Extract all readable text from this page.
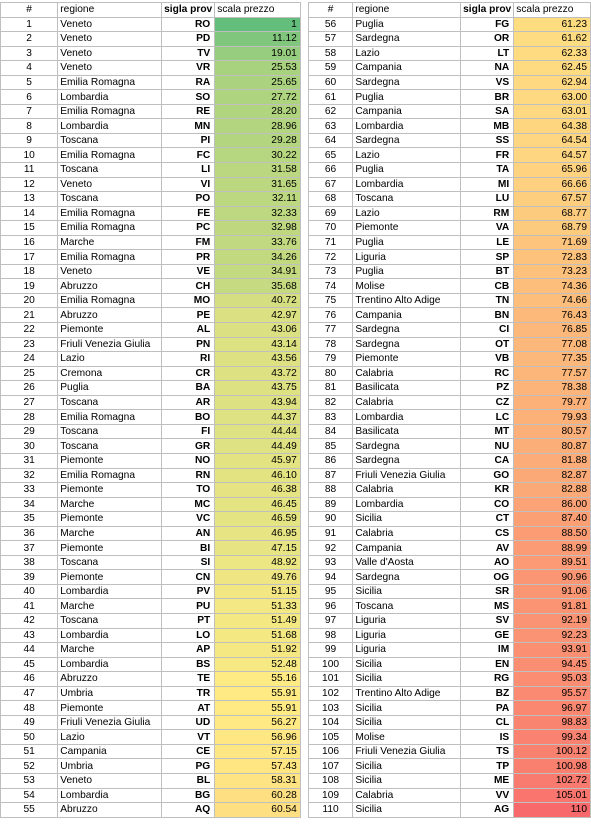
#	regione	sigla prov	scala prezzo		#	regione	sigla prov	scala prezzo
1	Veneto	RO	1		56	Puglia	FG	61.23
2	Veneto	PD	11.12		57	Sardegna	OR	61.62
3	Veneto	TV	19.01		58	Lazio	LT	62.33
4	Veneto	VR	25.53		59	Campania	NA	62.45
5	Emilia Romagna	RA	25.65		60	Sardegna	VS	62.94
6	Lombardia	SO	27.72		61	Puglia	BR	63.00
7	Emilia Romagna	RE	28.20		62	Campania	SA	63.01
8	Lombardia	MN	28.96		63	Lombardia	MB	64.38
9	Toscana	PI	29.28		64	Sardegna	SS	64.54
10	Emilia Romagna	FC	30.22		65	Lazio	FR	64.57
11	Toscana	LI	31.58		66	Puglia	TA	65.96
12	Veneto	VI	31.65		67	Lombardia	MI	66.66
13	Toscana	PO	32.11		68	Toscana	LU	67.57
14	Emilia Romagna	FE	32.33		69	Lazio	RM	68.77
15	Emilia Romagna	PC	32.98		70	Piemonte	VA	68.79
16	Marche	FM	33.76		71	Puglia	LE	71.69
17	Emilia Romagna	PR	34.26		72	Liguria	SP	72.83
18	Veneto	VE	34.91		73	Puglia	BT	73.23
19	Abruzzo	CH	35.68		74	Molise	CB	74.36
20	Emilia Romagna	MO	40.72		75	Trentino Alto Adige	TN	74.66
21	Abruzzo	PE	42.97		76	Campania	BN	76.43
22	Piemonte	AL	43.06		77	Sardegna	CI	76.85
23	Friuli Venezia Giulia	PN	43.14		78	Sardegna	OT	77.08
24	Lazio	RI	43.56		79	Piemonte	VB	77.35
25	Cremona	CR	43.72		80	Calabria	RC	77.57
26	Puglia	BA	43.75		81	Basilicata	PZ	78.38
27	Toscana	AR	43.94		82	Calabria	CZ	79.77
28	Emilia Romagna	BO	44.37		83	Lombardia	LC	79.93
29	Toscana	FI	44.44		84	Basilicata	MT	80.57
30	Toscana	GR	44.49		85	Sardegna	NU	80.87
31	Piemonte	NO	45.97		86	Sardegna	CA	81.88
32	Emilia Romagna	RN	46.10		87	Friuli Venezia Giulia	GO	82.87
33	Piemonte	TO	46.38		88	Calabria	KR	82.88
34	Marche	MC	46.45		89	Lombardia	CO	86.00
35	Piemonte	VC	46.59		90	Sicilia	CT	87.40
36	Marche	AN	46.95		91	Calabria	CS	88.50
37	Piemonte	BI	47.15		92	Campania	AV	88.99
38	Toscana	SI	48.92		93	Valle d'Aosta	AO	89.51
39	Piemonte	CN	49.76		94	Sardegna	OG	90.96
40	Lombardia	PV	51.15		95	Sicilia	SR	91.06
41	Marche	PU	51.33		96	Toscana	MS	91.81
42	Toscana	PT	51.49		97	Liguria	SV	92.19
43	Lombardia	LO	51.68		98	Liguria	GE	92.23
44	Marche	AP	51.92		99	Liguria	IM	93.91
45	Lombardia	BS	52.48		100	Sicilia	EN	94.45
46	Abruzzo	TE	55.16		101	Sicilia	RG	95.03
47	Umbria	TR	55.91		102	Trentino Alto Adige	BZ	95.57
48	Piemonte	AT	55.91		103	Sicilia	PA	96.97
49	Friuli Venezia Giulia	UD	56.27		104	Sicilia	CL	98.83
50	Lazio	VT	56.96		105	Molise	IS	99.34
51	Campania	CE	57.15		106	Friuli Venezia Giulia	TS	100.12
52	Umbria	PG	57.43		107	Sicilia	TP	100.98
53	Veneto	BL	58.31		108	Sicilia	ME	102.72
54	Lombardia	BG	60.28		109	Calabria	VV	105.01
55	Abruzzo	AQ	60.54		110	Sicilia	AG	110
